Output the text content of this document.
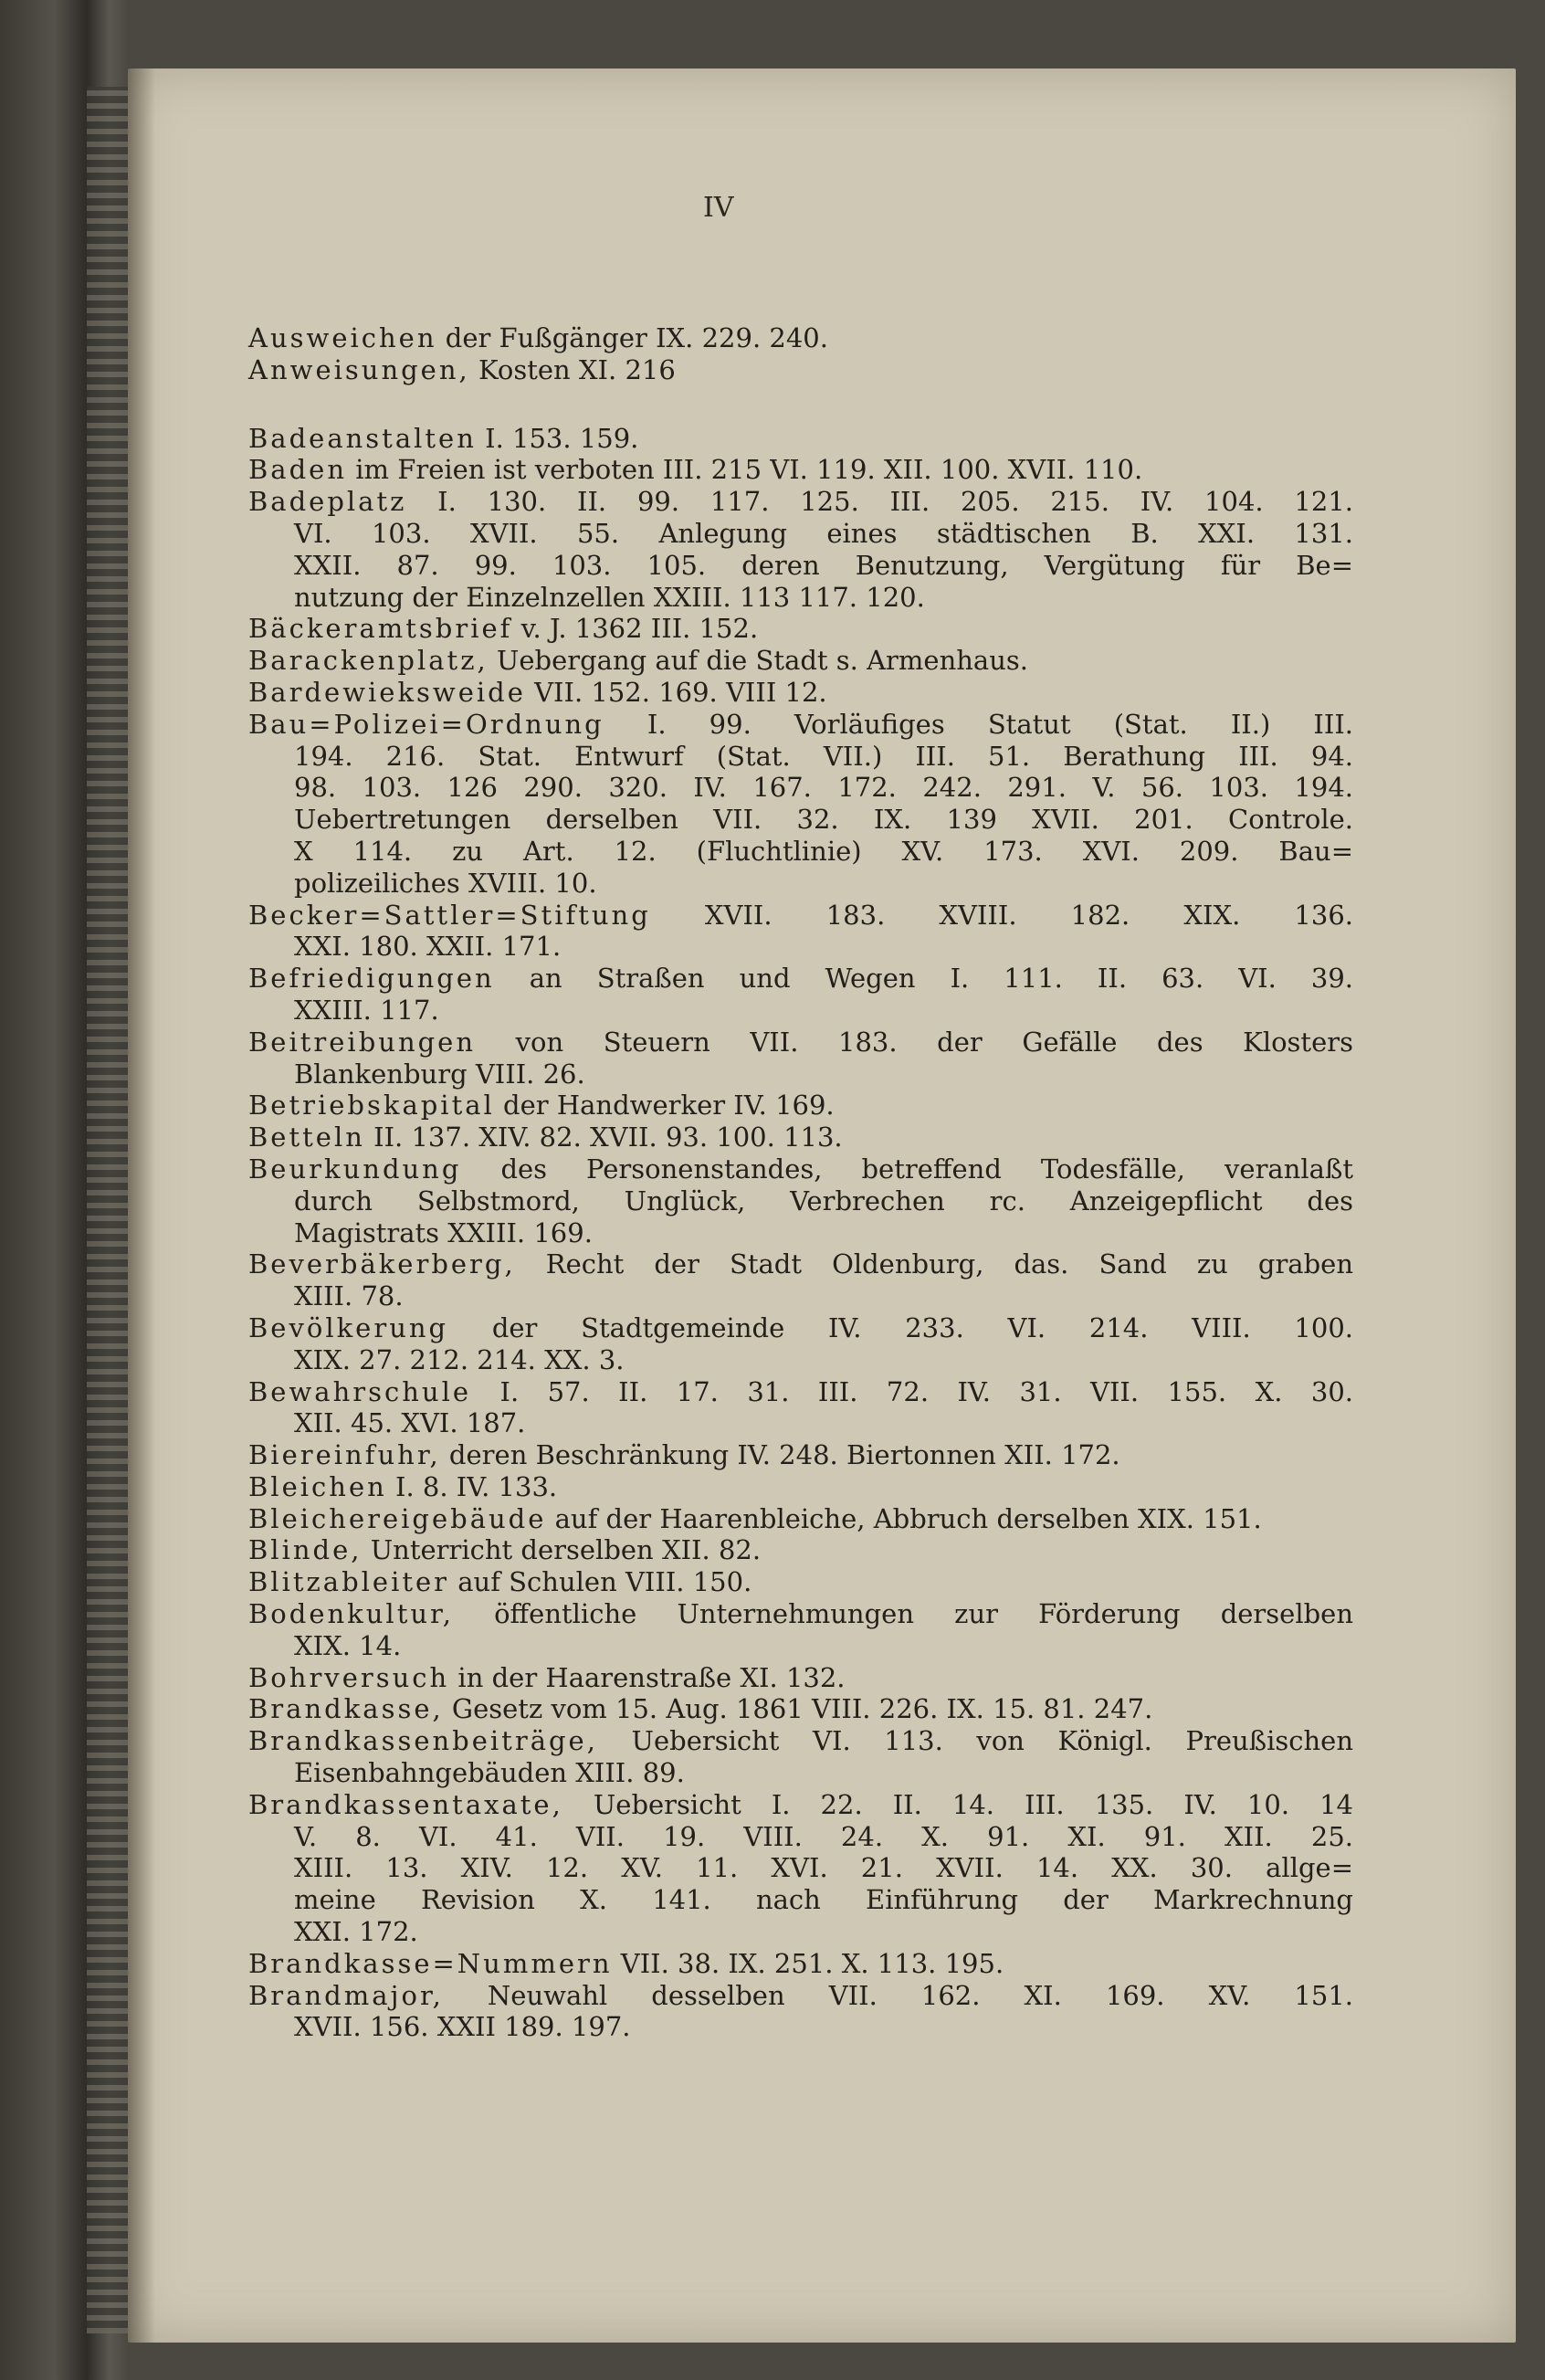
IV
Ausweichen der Fußgänger IX. 229. 240.
Anweisungen, Kosten XI. 216
Badeanstalten I. 153. 159.
Baden im Freien ist verboten III. 215 VI. 119. XII. 100. XVII. 110.
Badeplatz I. 130. II. 99. 117. 125. III. 205. 215. IV. 104. 121.
VI. 103. XVII. 55. Anlegung eines städtischen B. XXI. 131.
XXII. 87. 99. 103. 105. deren Benutzung, Vergütung für Be=
nutzung der Einzelnzellen XXIII. 113 117. 120.
Bäckeramtsbrief v. J. 1362 III. 152.
Barackenplatz, Uebergang auf die Stadt s. Armenhaus.
Bardewieksweide VII. 152. 169. VIII 12.
Bau=Polizei=Ordnung I. 99. Vorläufiges Statut (Stat. II.) III.
194. 216. Stat. Entwurf (Stat. VII.) III. 51. Berathung III. 94.
98. 103. 126 290. 320. IV. 167. 172. 242. 291. V. 56. 103. 194.
Uebertretungen derselben VII. 32. IX. 139 XVII. 201. Controle.
X 114. zu Art. 12. (Fluchtlinie) XV. 173. XVI. 209. Bau=
polizeiliches XVIII. 10.
Becker=Sattler=Stiftung XVII. 183. XVIII. 182. XIX. 136.
XXI. 180. XXII. 171.
Befriedigungen an Straßen und Wegen I. 111. II. 63. VI. 39.
XXIII. 117.
Beitreibungen von Steuern VII. 183. der Gefälle des Klosters
Blankenburg VIII. 26.
Betriebskapital der Handwerker IV. 169.
Betteln II. 137. XIV. 82. XVII. 93. 100. 113.
Beurkundung des Personenstandes, betreffend Todesfälle, veranlaßt
durch Selbstmord, Unglück, Verbrechen rc. Anzeigepflicht des
Magistrats XXIII. 169.
Beverbäkerberg, Recht der Stadt Oldenburg, das. Sand zu graben
XIII. 78.
Bevölkerung der Stadtgemeinde IV. 233. VI. 214. VIII. 100.
XIX. 27. 212. 214. XX. 3.
Bewahrschule I. 57. II. 17. 31. III. 72. IV. 31. VII. 155. X. 30.
XII. 45. XVI. 187.
Biereinfuhr, deren Beschränkung IV. 248. Biertonnen XII. 172.
Bleichen I. 8. IV. 133.
Bleichereigebäude auf der Haarenbleiche, Abbruch derselben XIX. 151.
Blinde, Unterricht derselben XII. 82.
Blitzableiter auf Schulen VIII. 150.
Bodenkultur, öffentliche Unternehmungen zur Förderung derselben
XIX. 14.
Bohrversuch in der Haarenstraße XI. 132.
Brandkasse, Gesetz vom 15. Aug. 1861 VIII. 226. IX. 15. 81. 247.
Brandkassenbeiträge, Uebersicht VI. 113. von Königl. Preußischen
Eisenbahngebäuden XIII. 89.
Brandkassentaxate, Uebersicht I. 22. II. 14. III. 135. IV. 10. 14
V. 8. VI. 41. VII. 19. VIII. 24. X. 91. XI. 91. XII. 25.
XIII. 13. XIV. 12. XV. 11. XVI. 21. XVII. 14. XX. 30. allge=
meine Revision X. 141. nach Einführung der Markrechnung
XXI. 172.
Brandkasse=Nummern VII. 38. IX. 251. X. 113. 195.
Brandmajor, Neuwahl desselben VII. 162. XI. 169. XV. 151.
XVII. 156. XXII 189. 197.
